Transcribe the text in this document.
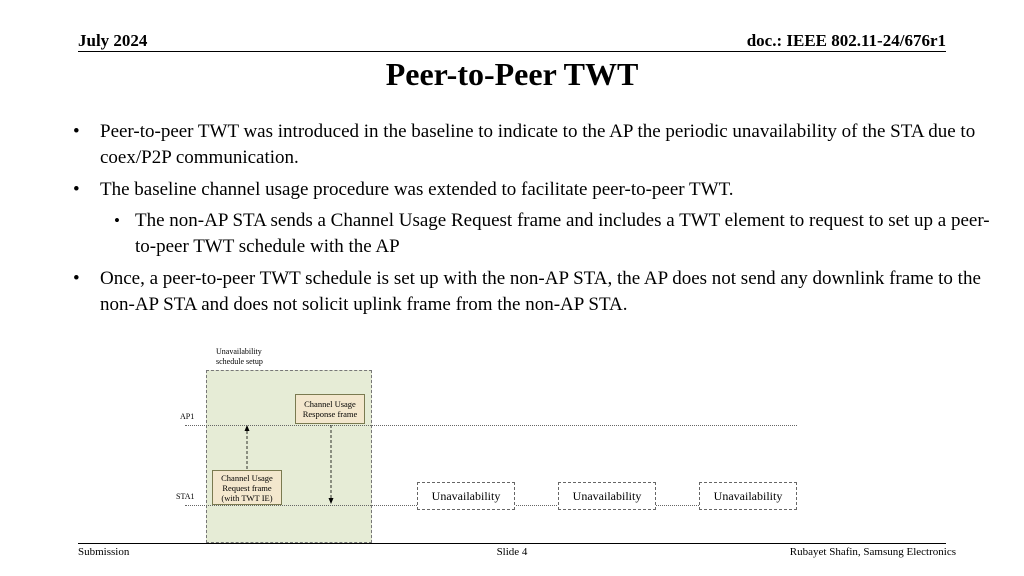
July 2024	doc.: IEEE 802.11-24/676r1
Peer-to-Peer TWT
• Peer-to-peer TWT was introduced in the baseline to indicate to the AP the periodic unavailability of the STA due to coex/P2P communication.
• The baseline channel usage procedure was extended to facilitate peer-to-peer TWT.
• The non-AP STA sends a Channel Usage Request frame and includes a TWT element to request to set up a peer-to-peer TWT schedule with the AP
• Once, a peer-to-peer TWT schedule is set up with the non-AP STA, the AP does not send any downlink frame to the non-AP STA and does not solicit uplink frame from the non-AP STA.
Unavailability
schedule setup
AP1
STA1
Channel Usage
Response frame
Channel Usage
Request frame
(with TWT IE)	Unavailability	Unavailability	Unavailability
Submission	Slide 4	Rubayet Shafin, Samsung Electronics
